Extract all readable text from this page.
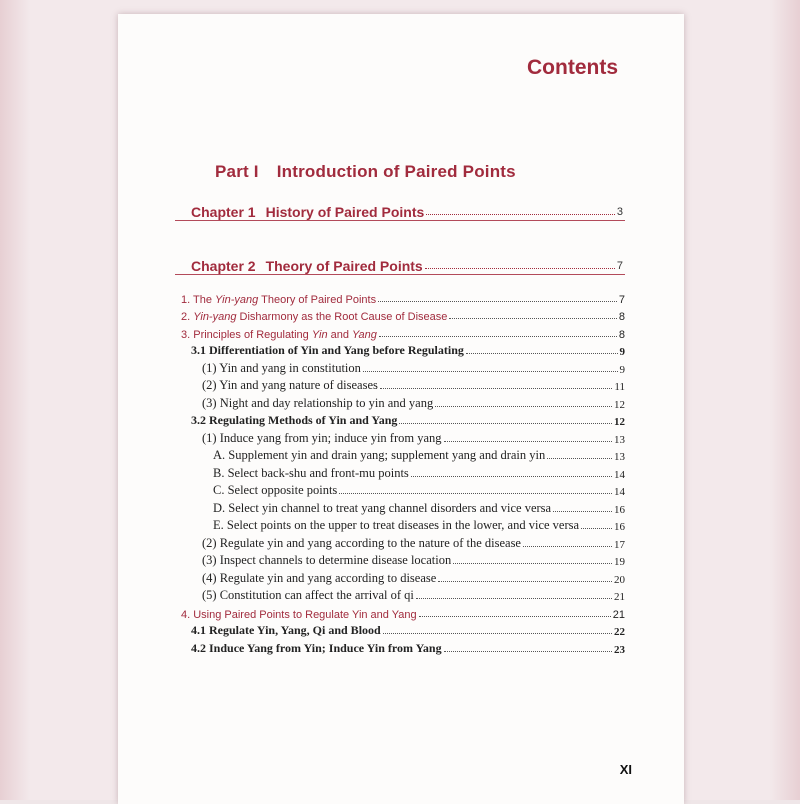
Contents
Part I Introduction of Paired Points
Chapter 1 History of Paired Points	3
Chapter 2 Theory of Paired Points	7
1. The Yin-yang Theory of Paired Points	7
2. Yin-yang Disharmony as the Root Cause of Disease	8
3. Principles of Regulating Yin and Yang	8
3.1 Differentiation of Yin and Yang before Regulating	9
(1) Yin and yang in constitution	9
(2) Yin and yang nature of diseases	11
(3) Night and day relationship to yin and yang	12
3.2 Regulating Methods of Yin and Yang	12
(1) Induce yang from yin; induce yin from yang	13
A. Supplement yin and drain yang; supplement yang and drain yin	13
B. Select back-shu and front-mu points	14
C. Select opposite points	14
D. Select yin channel to treat yang channel disorders and vice versa	16
E. Select points on the upper to treat diseases in the lower, and vice versa	16
(2) Regulate yin and yang according to the nature of the disease	17
(3) Inspect channels to determine disease location	19
(4) Regulate yin and yang according to disease	20
(5) Constitution can affect the arrival of qi	21
4. Using Paired Points to Regulate Yin and Yang	21
4.1 Regulate Yin, Yang, Qi and Blood	22
4.2 Induce Yang from Yin; Induce Yin from Yang	23
XI
